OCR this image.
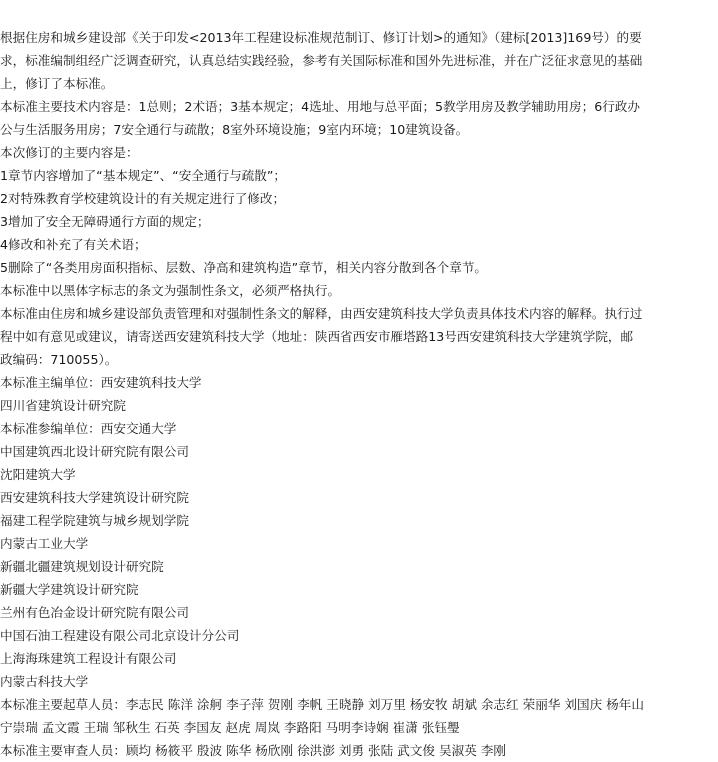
根据住房和城乡建设部《关于印发<2013年工程建设标准规范制订、修订计划>的通知》（建标[2013]169号）的要

求，标准编制组经广泛调查研究，认真总结实践经验，参考有关国际标准和国外先进标准，并在广泛征求意见的基础

上，修订了本标准。

本标准主要技术内容是：1总则；2术语；3基本规定；4选址、用地与总平面；5教学用房及教学辅助用房；6行政办

公与生活服务用房；7安全通行与疏散；8室外环境设施；9室内环境；10建筑设备。

本次修订的主要内容是：

1章节内容增加了“基本规定”、“安全通行与疏散”；

2对特殊教育学校建筑设计的有关规定进行了修改；

3增加了安全无障碍通行方面的规定；

4修改和补充了有关术语；

5删除了“各类用房面积指标、层数、净高和建筑构造”章节，相关内容分散到各个章节。

本标准中以黑体字标志的条文为强制性条文，必须严格执行。

本标准由住房和城乡建设部负责管理和对强制性条文的解释，由西安建筑科技大学负责具体技术内容的解释。执行过

程中如有意见或建议，请寄送西安建筑科技大学（地址：陕西省西安市雁塔路13号西安建筑科技大学建筑学院，邮

政编码：710055）。

本标准主编单位：西安建筑科技大学

四川省建筑设计研究院

本标准参编单位：西安交通大学

中国建筑西北设计研究院有限公司

沈阳建筑大学

西安建筑科技大学建筑设计研究院

福建工程学院建筑与城乡规划学院

内蒙古工业大学

新疆北疆建筑规划设计研究院

新疆大学建筑设计研究院

兰州有色冶金设计研究院有限公司

中国石油工程建设有限公司北京设计分公司

上海海珠建筑工程设计有限公司

内蒙古科技大学

本标准主要起草人员：李志民 陈洋 涂舸 李子萍 贺刚 李帆 王晓静 刘万里 杨安牧 胡斌 余志红 荣丽华 刘国庆 杨年山

宁崇瑞 孟文霞 王瑞 邹秋生 石英 李国友 赵虎 周岚 李路阳 马明李诗娴 崔潇 张钰璺

本标准主要审查人员：顾均 杨筱平 殷波 陈华 杨欣刚 徐洪澎 刘勇 张陆 武文俊 吴淑英 李刚
